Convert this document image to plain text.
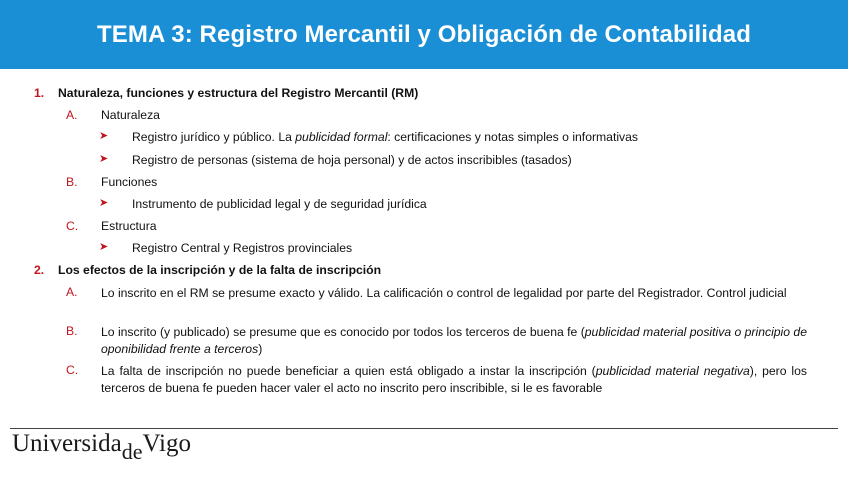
TEMA 3: Registro Mercantil y Obligación de Contabilidad
1. Naturaleza, funciones y estructura del Registro Mercantil (RM)
A. Naturaleza
➤ Registro jurídico y público. La publicidad formal: certificaciones y notas simples o informativas
➤ Registro de personas (sistema de hoja personal) y de actos inscribibles (tasados)
B. Funciones
➤ Instrumento de publicidad legal y de seguridad jurídica
C. Estructura
➤ Registro Central y Registros provinciales
2. Los efectos de la inscripción y de la falta de inscripción
A. Lo inscrito en el RM se presume exacto y válido. La calificación o control de legalidad por parte del Registrador. Control judicial
B. Lo inscrito (y publicado) se presume que es conocido por todos los terceros de buena fe (publicidad material positiva o principio de oponibilidad frente a terceros)
C. La falta de inscripción no puede beneficiar a quien está obligado a instar la inscripción (publicidad material negativa), pero los terceros de buena fe pueden hacer valer el acto no inscrito pero inscribible, si le es favorable
UniversidadeVigo
